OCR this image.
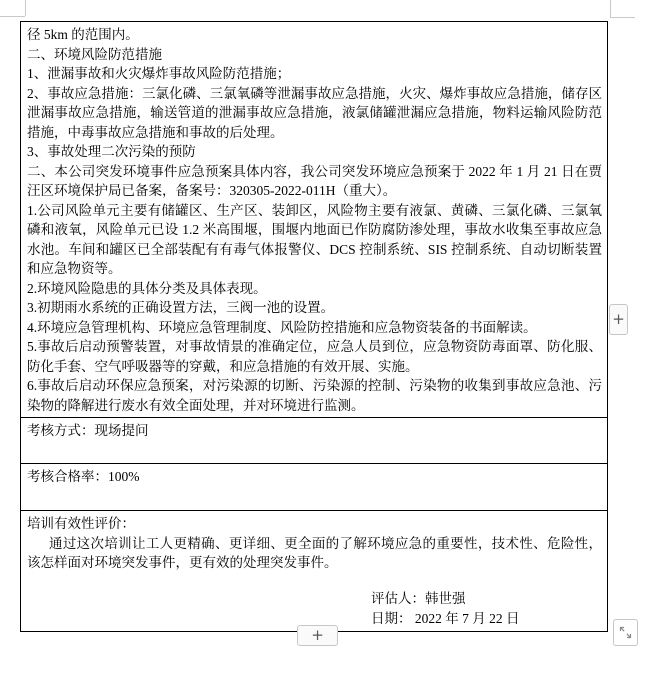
径 5km 的范围内。

二、环境风险防范措施

1、泄漏事故和火灾爆炸事故风险防范措施；

2、事故应急措施：三氯化磷、三氯氧磷等泄漏事故应急措施，火灾、爆炸事故应急措施，储存区泄漏事故应急措施，输送管道的泄漏事故应急措施，液氯储罐泄漏应急措施，物料运输风险防范措施，中毒事故应急措施和事故的后处理。

3、事故处理二次污染的预防

二、本公司突发环境事件应急预案具体内容，我公司突发环境应急预案于 2022 年 1 月 21 日在贾汪区环境保护局已备案，备案号：320305-2022-011H（重大）。

1.公司风险单元主要有储罐区、生产区、装卸区，风险物主要有液氯、黄磷、三氯化磷、三氯氧磷和液氧，风险单元已设 1.2 米高围堰，围堰内地面已作防腐防渗处理，事故水收集至事故应急水池。车间和罐区已全部装配有有毒气体报警仪、DCS 控制系统、SIS 控制系统、自动切断装置和应急物资等。

2.环境风险隐患的具体分类及具体表现。

3.初期雨水系统的正确设置方法，三阀一池的设置。

4.环境应急管理机构、环境应急管理制度、风险防控措施和应急物资装备的书面解读。

5.事故后启动预警装置，对事故情景的准确定位，应急人员到位，应急物资防毒面罩、防化服、防化手套、空气呼吸器等的穿戴，和应急措施的有效开展、实施。

6.事故后启动环保应急预案，对污染源的切断、污染源的控制、污染物的收集到事故应急池、污染物的降解进行废水有效全面处理，并对环境进行监测。

考核方式：现场提问

考核合格率：100%

培训有效性评价：

通过这次培训让工人更精确、更详细、更全面的了解环境应急的重要性，技术性、危险性，该怎样面对环境突发事件，更有效的处理突发事件。

评估人：韩世强

日期： 2022 年 7 月 22 日

+
+
